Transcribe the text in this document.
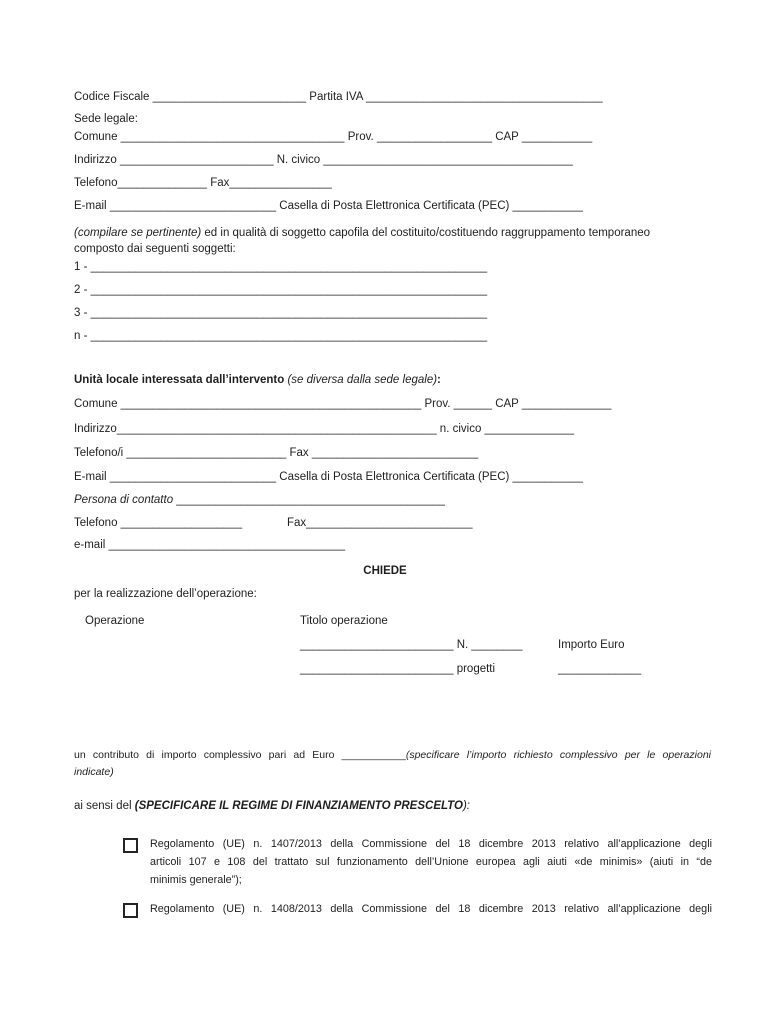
Codice Fiscale ________________________ Partita IVA _____________________________________
Sede legale:
Comune ___________________________________ Prov. __________________ CAP ___________
Indirizzo ________________________ N. civico _______________________________________
Telefono______________ Fax________________
E-mail __________________________ Casella di Posta Elettronica Certificata (PEC) ___________
(compilare se pertinente) ed in qualità di soggetto capofila del costituito/costituendo raggruppamento temporaneo
composto dai seguenti soggetti:
1 - ______________________________________________________________
2 - ______________________________________________________________
3 - ______________________________________________________________
n - ______________________________________________________________
Unità locale interessata dall’intervento (se diversa dalla sede legale):
Comune _______________________________________________ Prov. ______ CAP ______________
Indirizzo__________________________________________________ n. civico ______________
Telefono/i _________________________ Fax __________________________
E-mail __________________________ Casella di Posta Elettronica Certificata (PEC) ___________
Persona di contatto __________________________________________
Telefono ___________________	Fax__________________________
e-mail _____________________________________
CHIEDE
per la realizzazione dell’operazione:
Operazione	Titolo operazione
________________________ N. ________	Importo Euro
________________________ progetti	_____________
un contributo di importo complessivo pari ad Euro ___________(specificare l’importo richiesto complessivo per le operazioni
indicate)
ai sensi del (SPECIFICARE IL REGIME DI FINANZIAMENTO PRESCELTO):
Regolamento (UE) n. 1407/2013 della Commissione del 18 dicembre 2013 relativo all’applicazione degli
articoli 107 e 108 del trattato sul funzionamento dell’Unione europea agli aiuti «de minimis» (aiuti in “de
minimis generale”);
Regolamento (UE) n. 1408/2013 della Commissione del 18 dicembre 2013 relativo all’applicazione degli
